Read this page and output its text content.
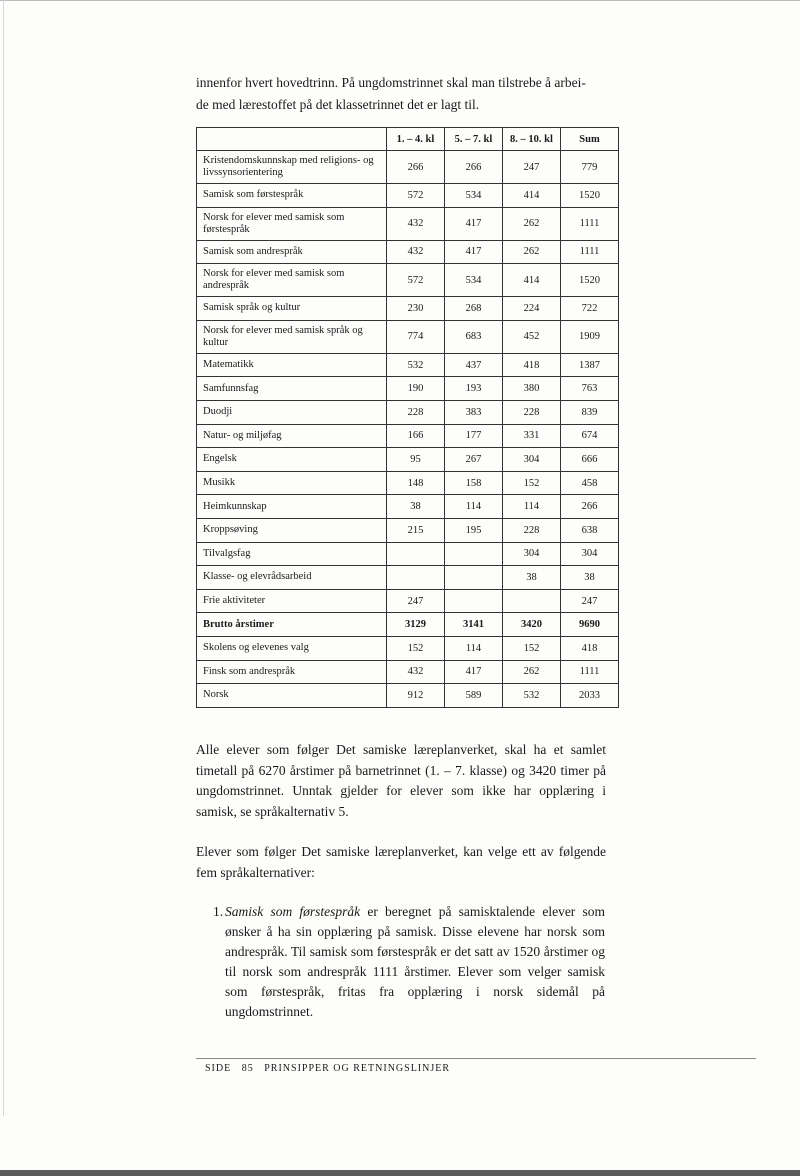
innenfor hvert hovedtrinn. På ungdomstrinnet skal man tilstrebe å arbei-
de med lærestoffet på det klassetrinnet det er lagt til.

	1. – 4. kl	5. – 7. kl	8. – 10. kl	Sum
Kristendomskunnskap med religions- og livssynsorientering	266	266	247	779
Samisk som førstespråk	572	534	414	1520
Norsk for elever med samisk som førstespråk	432	417	262	1111
Samisk som andrespråk	432	417	262	1111
Norsk for elever med samisk som andrespråk	572	534	414	1520
Samisk språk og kultur	230	268	224	722
Norsk for elever med samisk språk og kultur	774	683	452	1909
Matematikk	532	437	418	1387
Samfunnsfag	190	193	380	763
Duodji	228	383	228	839
Natur- og miljøfag	166	177	331	674
Engelsk	95	267	304	666
Musikk	148	158	152	458
Heimkunnskap	38	114	114	266
Kroppsøving	215	195	228	638
Tilvalgsfag			304	304
Klasse- og elevrådsarbeid			38	38
Frie aktiviteter	247			247
Brutto årstimer	3129	3141	3420	9690
Skolens og elevenes valg	152	114	152	418
Finsk som andrespråk	432	417	262	1111
Norsk	912	589	532	2033

Alle elever som følger Det samiske læreplanverket, skal ha et samlet timetall på 6270 årstimer på barnetrinnet (1. – 7. klasse) og 3420 timer på ungdomstrinnet. Unntak gjelder for elever som ikke har opplæring i samisk, se språkalternativ 5.

Elever som følger Det samiske læreplanverket, kan velge ett av følgende fem språkalternativer:

1. Samisk som førstespråk er beregnet på samisktalende elever som ønsker å ha sin opplæring på samisk. Disse elevene har norsk som andrespråk. Til samisk som førstespråk er det satt av 1520 årstimer og til norsk som andrespråk 1111 årstimer. Elever som velger samisk som førstespråk, fritas fra opplæring i norsk sidemål på ungdomstrinnet.

SIDE 85 PRINSIPPER OG RETNINGSLINJER
